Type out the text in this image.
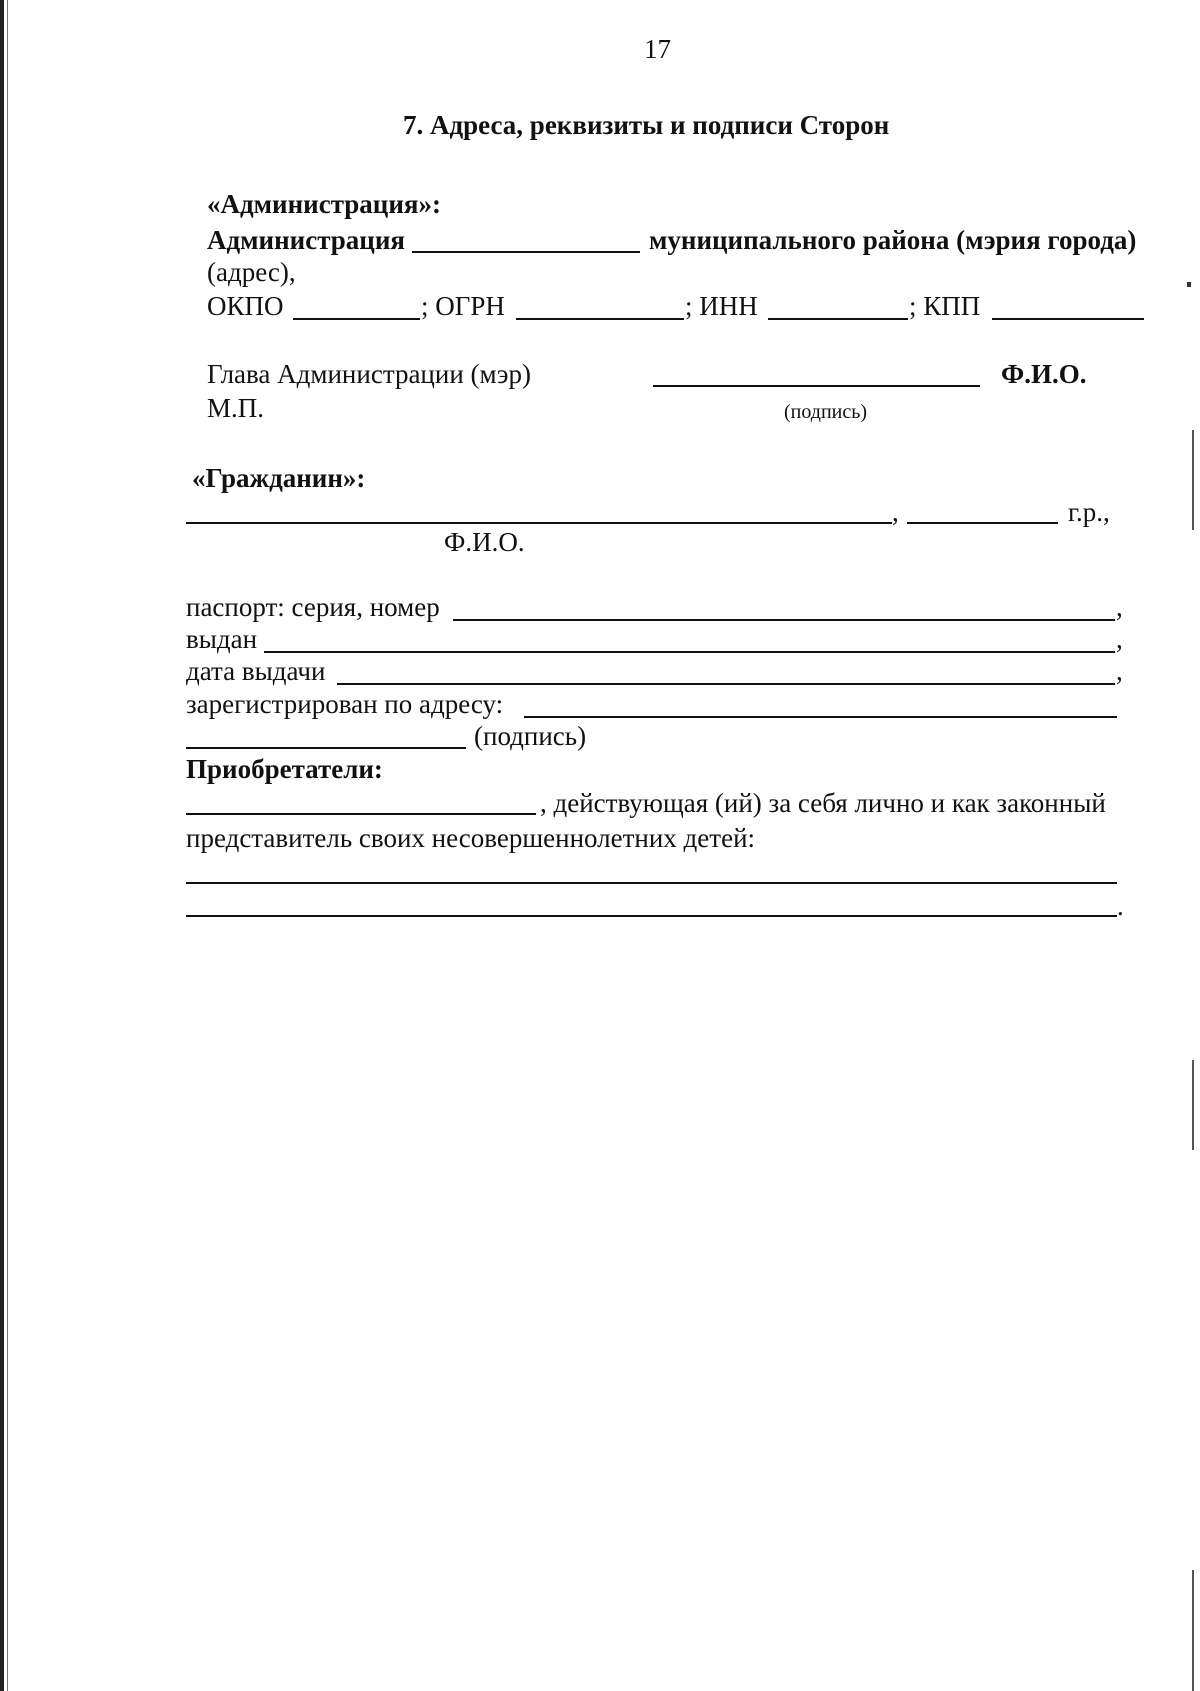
17
7. Адреса, реквизиты и подписи Сторон
«Администрация»:
Администрация	муниципального района (мэрия города)
(адрес),
ОКПО	; ОГРН	; ИНН	; КПП
Глава Администрации (мэр)	Ф.И.О.
М.П.	(подпись)
«Гражданин»:
,	г.р.,
Ф.И.О.
паспорт: серия, номер	,
выдан	,
дата выдачи	,
зарегистрирован по адресу:
(подпись)
Приобретатели:
, действующая (ий) за себя лично и как законный
представитель своих несовершеннолетних детей:
.
